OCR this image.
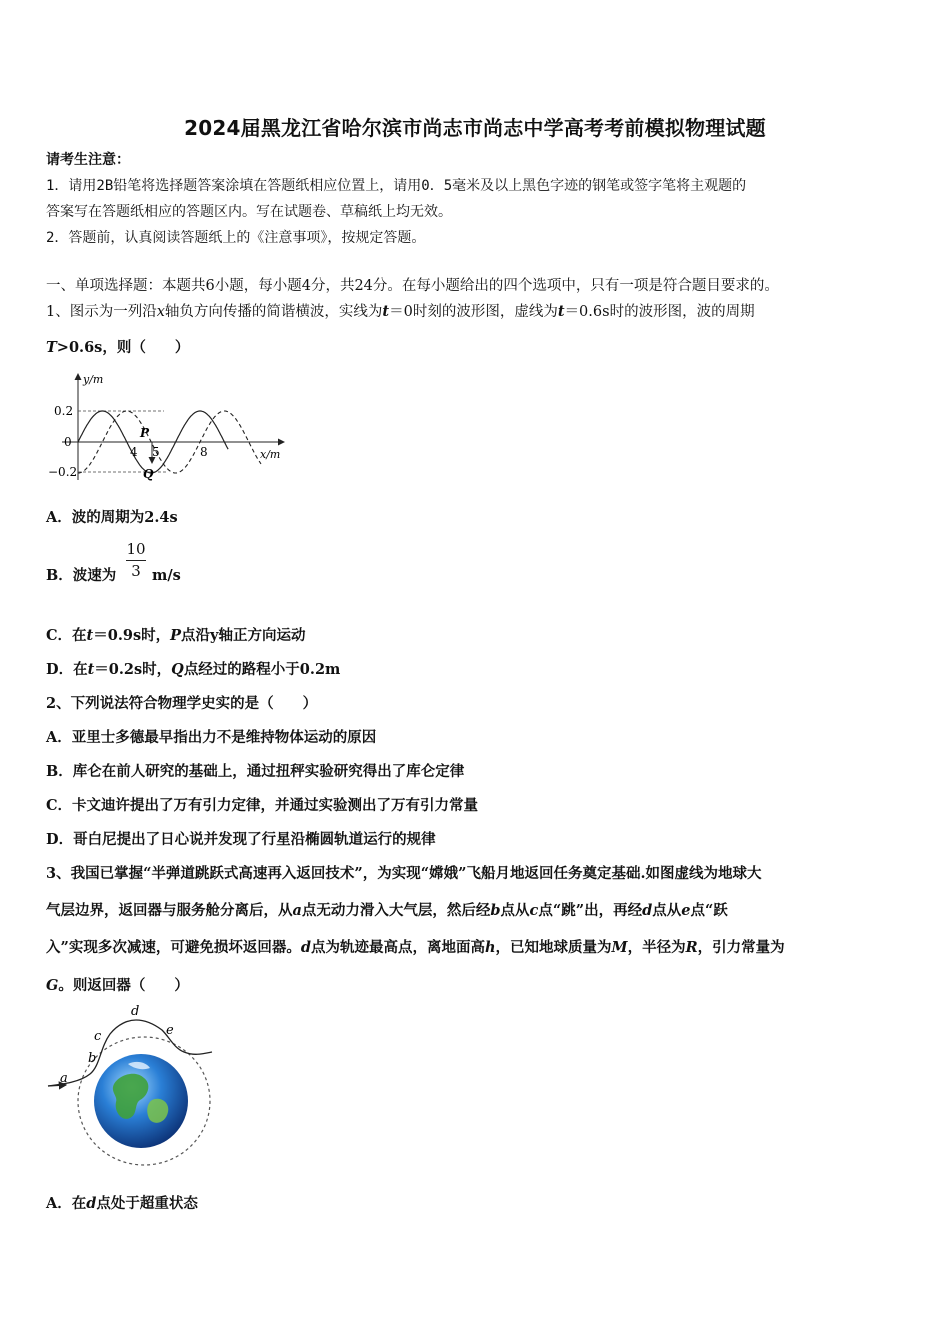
2024届黑龙江省哈尔滨市尚志市尚志中学高考考前模拟物理试题
请考生注意：
1．请用2B铅笔将选择题答案涂填在答题纸相应位置上，请用0．5毫米及以上黑色字迹的钢笔或签字笔将主观题的
答案写在答题纸相应的答题区内。写在试题卷、草稿纸上均无效。
2．答题前，认真阅读答题纸上的《注意事项》，按规定答题。
一、单项选择题：本题共6小题，每小题4分，共24分。在每小题给出的四个选项中，只有一项是符合题目要求的。
1、图示为一列沿x轴负方向传播的简谐横波，实线为t＝0时刻的波形图，虚线为t＝0.6s时的波形图，波的周期
T>0.6s，则（　　）
y/m
x/m
0.2
0
−0.2
4 5	8
P
Q
A．波的周期为2.4s
B．波速为
10
3 m/s
C．在t＝0.9s时，P点沿y轴正方向运动
D．在t＝0.2s时，Q点经过的路程小于0.2m
2、下列说法符合物理学史实的是（　　）
A．亚里士多德最早指出力不是维持物体运动的原因
B．库仑在前人研究的基础上，通过扭秤实验研究得出了库仑定律
C．卡文迪许提出了万有引力定律，并通过实验测出了万有引力常量
D．哥白尼提出了日心说并发现了行星沿椭圆轨道运行的规律
3、我国已掌握“半弹道跳跃式高速再入返回技术”，为实现“嫦娥”飞船月地返回任务奠定基础.如图虚线为地球大
气层边界，返回器与服务舱分离后，从a点无动力滑入大气层，然后经b点从c点“跳”出，再经d点从e点“跃
入”实现多次减速，可避免损坏返回器。d点为轨迹最高点，离地面高h，已知地球质量为M，半径为R，引力常量为
G。则返回器（　　）
a
b
c
d
e
A．在d点处于超重状态
